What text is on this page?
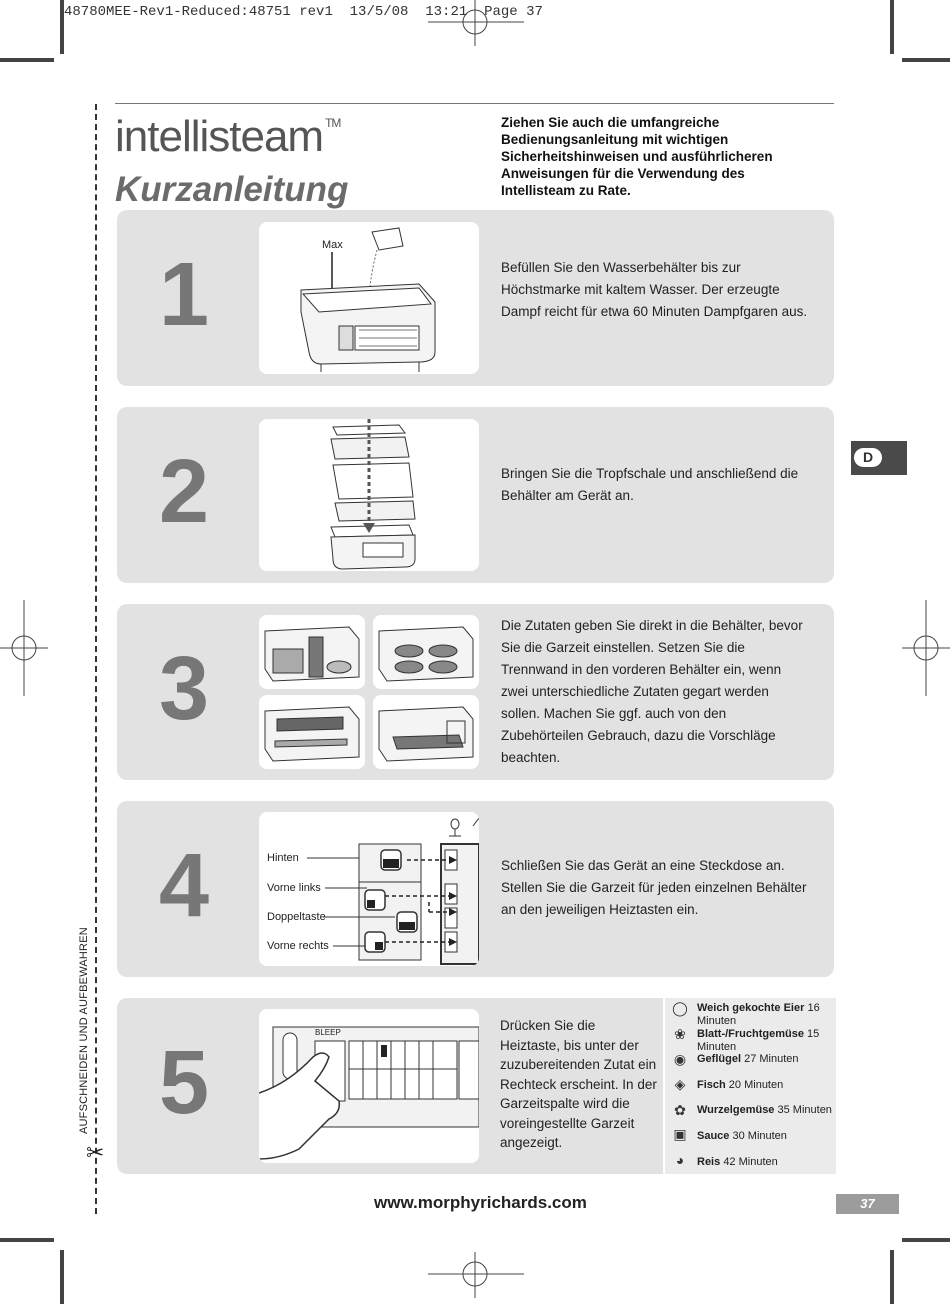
48780MEE-Rev1-Reduced:48751 rev1  13/5/08  13:21  Page 37
intellisteam ™
Kurzanleitung
Ziehen Sie auch die umfangreiche Bedienungsanleitung mit wichtigen Sicherheitshinweisen und ausführlicheren Anweisungen für die Verwendung des Intellisteam zu Rate.
D
AUFSCHNEIDEN UND AUFBEWAHREN
✂
1	Max
Befüllen Sie den Wasserbehälter bis zur Höchstmarke mit kaltem Wasser. Der erzeugte Dampf reicht für etwa 60 Minuten Dampfgaren aus.
2	Bringen Sie die Tropfschale und anschließend die Behälter am Gerät an.
3
Die Zutaten geben Sie direkt in die Behälter, bevor Sie die Garzeit einstellen. Setzen Sie die Trennwand in den vorderen Behälter ein, wenn zwei unterschiedliche Zutaten gegart werden sollen. Machen Sie ggf. auch von den Zubehörteilen Gebrauch, dazu die Vorschläge beachten.
4	Hinten
Vorne links
Doppeltaste
Vorne rechts
Schließen Sie das Gerät an eine Steckdose an. Stellen Sie die Garzeit für jeden einzelnen Behälter an den jeweiligen Heiztasten ein.
5
BLEEP	Drücken Sie die Heiztaste, bis unter der zuzubereitenden Zutat ein Rechteck erscheint. In der Garzeitspalte wird die voreingestellte Garzeit angezeigt.
◯ Weich gekochte Eier 16 Minuten
❀	Blatt-/Fruchtgemüse 15 Minuten
◉ Geflügel 27 Minuten
◈	Fisch 20 Minuten
✿	Wurzelgemüse 35 Minuten
▣ Sauce 30 Minuten
◕	Reis 42 Minuten
www.morphyrichards.com	37
